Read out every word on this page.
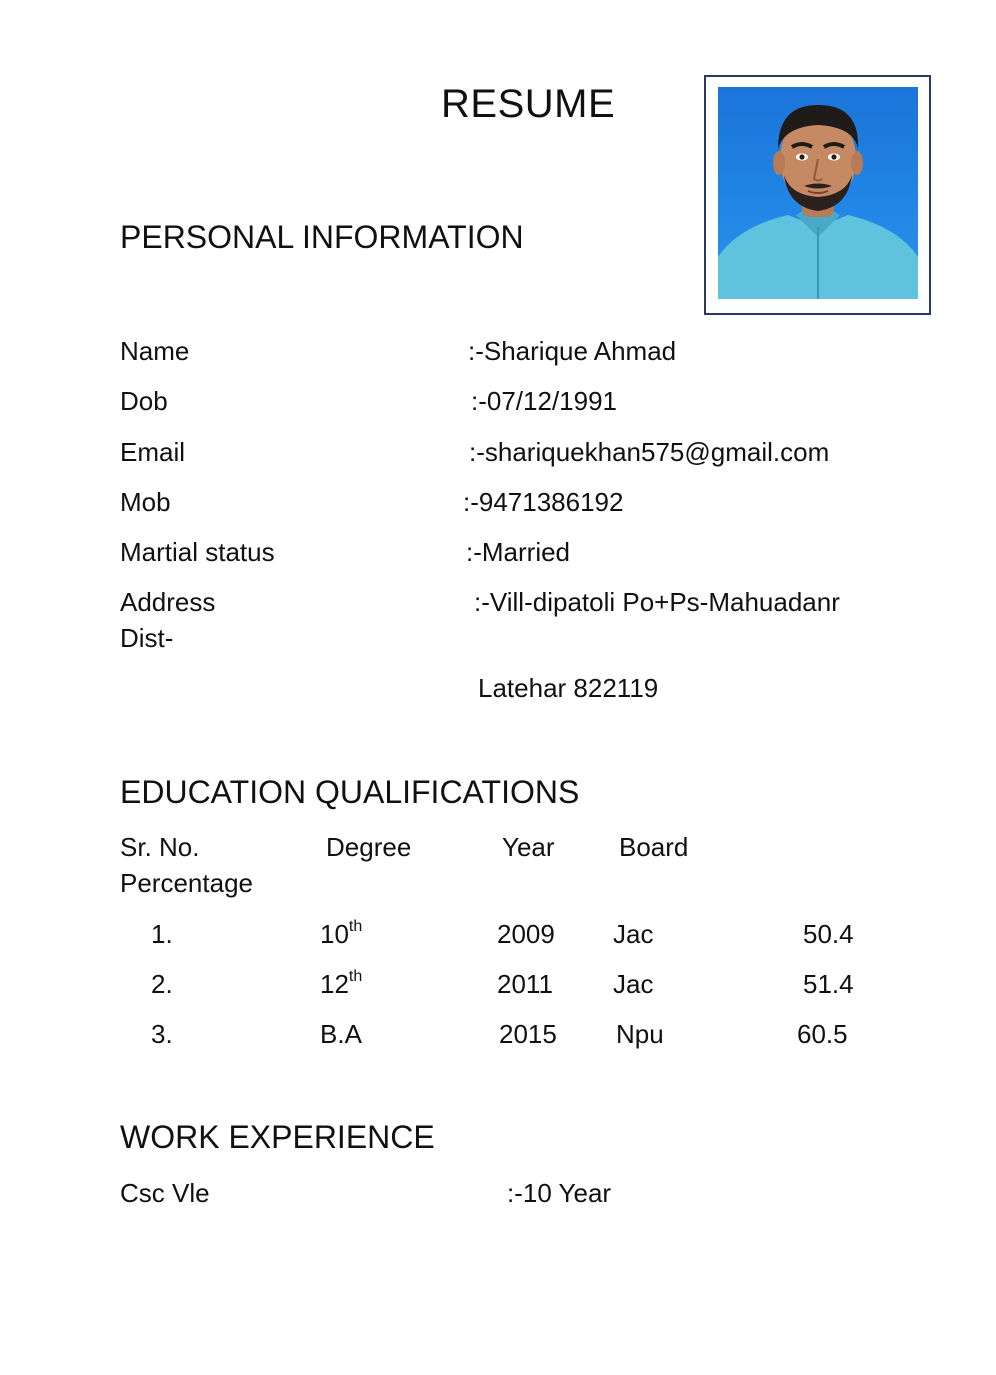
RESUME
PERSONAL INFORMATION
Name	:-Sharique Ahmad
Dob	:-07/12/1991
Email	:-shariquekhan575@gmail.com
Mob	:-9471386192
Martial status	:-Married
Address	:-Vill-dipatoli Po+Ps-Mahuadanr
Dist-
Latehar 822119
EDUCATION QUALIFICATIONS
Sr. No.	Degree	Year Board
Percentage
1.	10th	2009 Jac	50.4
2.	12th	2011 Jac	51.4
3.	B.A	2015 Npu	60.5
WORK EXPERIENCE
Csc Vle	:-10 Year
